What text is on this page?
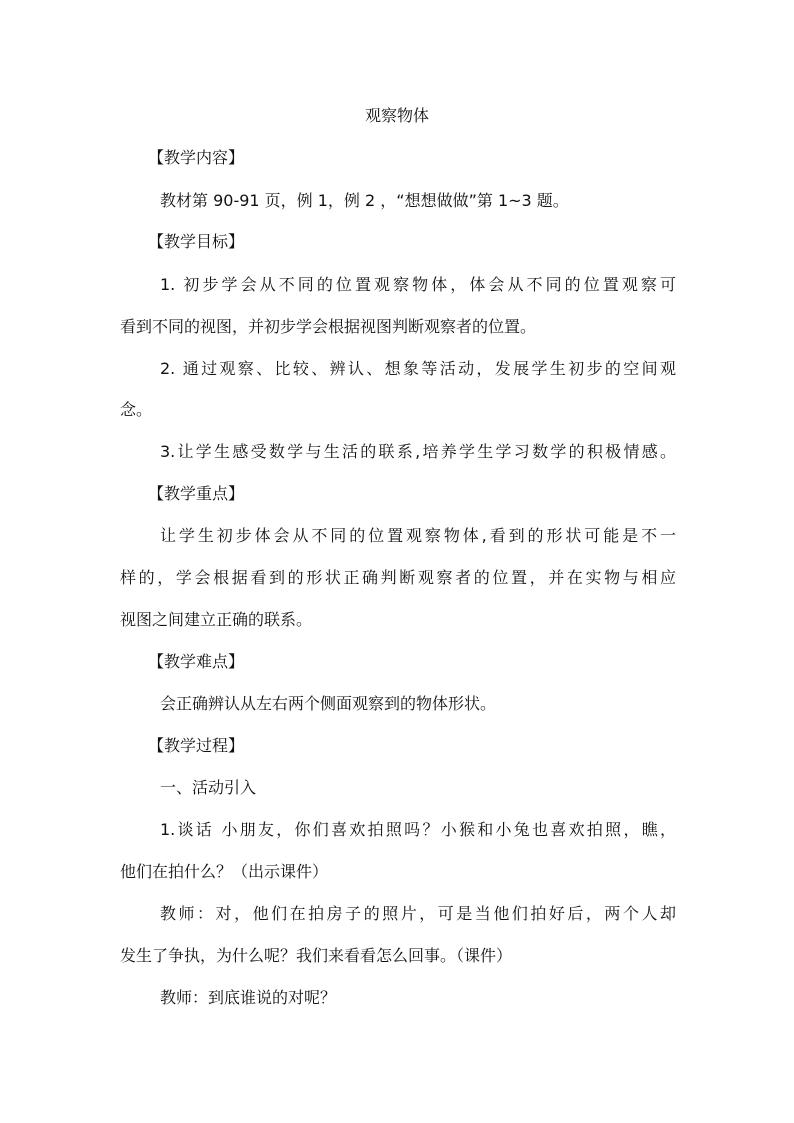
观察物体
【教学内容】
教材第 90-91 页，例 1，例 2 ，“想想做做”第 1~3 题。
【教学目标】
1. 初步学会从不同的位置观察物体，体会从不同的位置观察可
看到不同的视图，并初步学会根据视图判断观察者的位置。
2. 通过观察、比较、辨认、想象等活动，发展学生初步的空间观
念。
3.让学生感受数学与生活的联系,培养学生学习数学的积极情感。
【教学重点】
让学生初步体会从不同的位置观察物体,看到的形状可能是不一
样的，学会根据看到的形状正确判断观察者的位置，并在实物与相应
视图之间建立正确的联系。
【教学难点】
会正确辨认从左右两个侧面观察到的物体形状。
【教学过程】
一、活动引入
1.谈话 小朋友，你们喜欢拍照吗？小猴和小兔也喜欢拍照，瞧，
他们在拍什么？（出示课件）
教师：对，他们在拍房子的照片，可是当他们拍好后，两个人却
发生了争执，为什么呢？我们来看看怎么回事。（课件）
教师：到底谁说的对呢？
